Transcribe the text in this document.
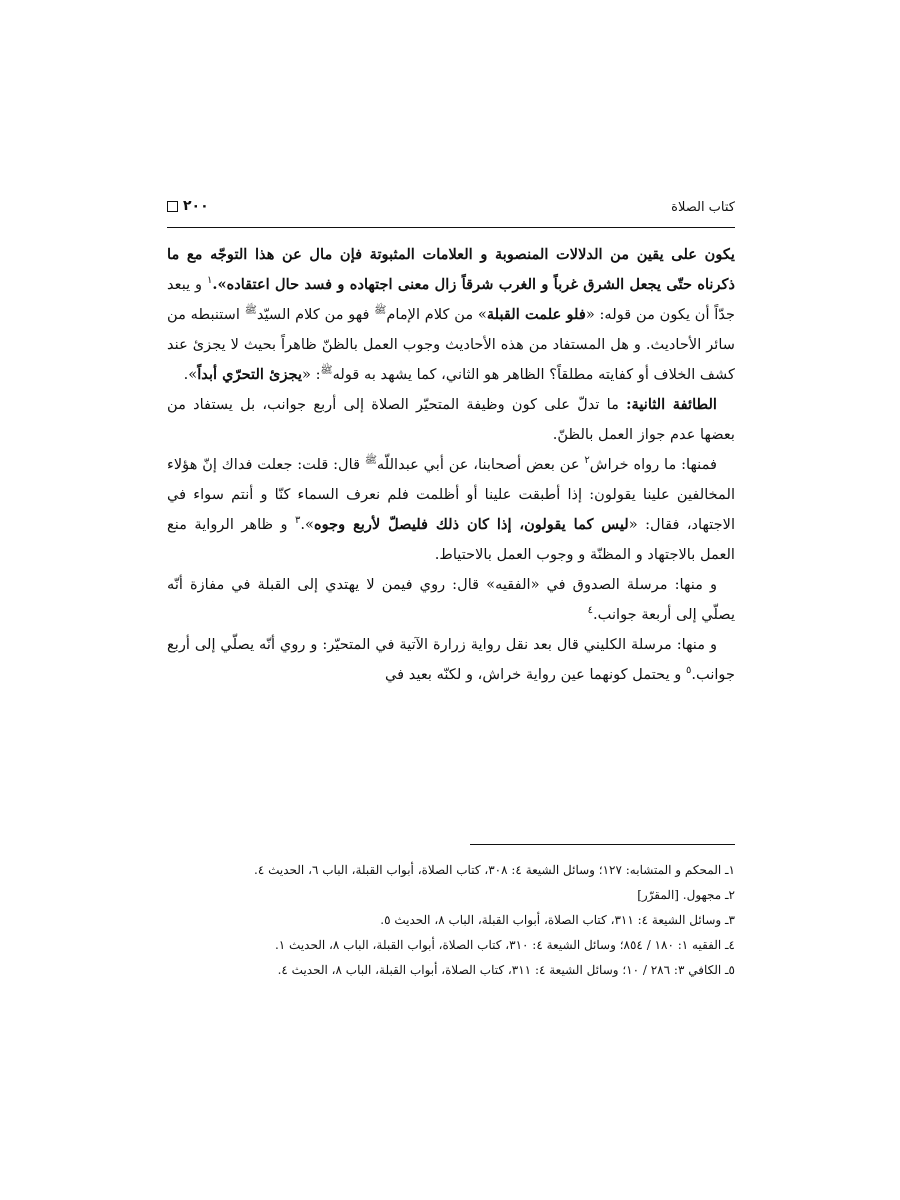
كتاب الصلاة
٢٠٠

يكون على يقين من الدلالات المنصوبة و العلامات المثبوتة فإن مال عن هذا التوجّه مع ما ذكرناه حتّى يجعل الشرق غرباً و الغرب شرقاً زال معنى اجتهاده و فسد حال اعتقاده».$^١$ و يبعد جدّاً أن يكون من قوله: «فلو علمت القبلة» من كلام الإمام$^ﷺ$ فهو من كلام السيّد$^ﷺ$ استنبطه من سائر الأحاديث. و هل المستفاد من هذه الأحاديث وجوب العمل بالظنّ ظاهراً بحيث لا يجزئ عند كشف الخلاف أو كفايته مطلقاً؟ الظاهر هو الثاني، كما يشهد به قوله$^ﷺ$: «يجزئ التحرّي أبداً».

الطائفة الثانية: ما تدلّ على كون وظيفة المتحيّر الصلاة إلى أربع جوانب، بل يستفاد من بعضها عدم جواز العمل بالظنّ.

فمنها: ما رواه خراش$^٢$ عن بعض أصحابنا، عن أبي عبداللّه$^ﷺ$ قال: قلت: جعلت فداك إنّ هؤلاء المخالفين علينا يقولون: إذا أطبقت علينا أو أظلمت فلم نعرف السماء كنّا و أنتم سواء في الاجتهاد، فقال: «ليس كما يقولون، إذا كان ذلك فليصلّ لأربع وجوه».$^٣$ و ظاهر الرواية منع العمل بالاجتهاد و المظنّة و وجوب العمل بالاحتياط.

و منها: مرسلة الصدوق في «الفقيه» قال: روي فيمن لا يهتدي إلى القبلة في مفازة أنّه يصلّي إلى أربعة جوانب.$^٤$

و منها: مرسلة الكليني قال بعد نقل رواية زرارة الآتية في المتحيّر: و روي أنّه يصلّي إلى أربع جوانب.$^٥$ و يحتمل كونهما عين رواية خراش، و لكنّه بعيد في

١ـ المحكم و المتشابه: ١٢٧؛ وسائل الشيعة ٤: ٣٠٨، كتاب الصلاة، أبواب القبلة، الباب ٦، الحديث ٤.
٢ـ مجهول. [المقرّر]
٣ـ وسائل الشيعة ٤: ٣١١، كتاب الصلاة، أبواب القبلة، الباب ٨، الحديث ٥.
٤ـ الفقيه ١: ١٨٠ / ٨٥٤؛ وسائل الشيعة ٤: ٣١٠، كتاب الصلاة، أبواب القبلة، الباب ٨، الحديث ١.
٥ـ الكافي ٣: ٢٨٦ / ١٠؛ وسائل الشيعة ٤: ٣١١، كتاب الصلاة، أبواب القبلة، الباب ٨، الحديث ٤.
